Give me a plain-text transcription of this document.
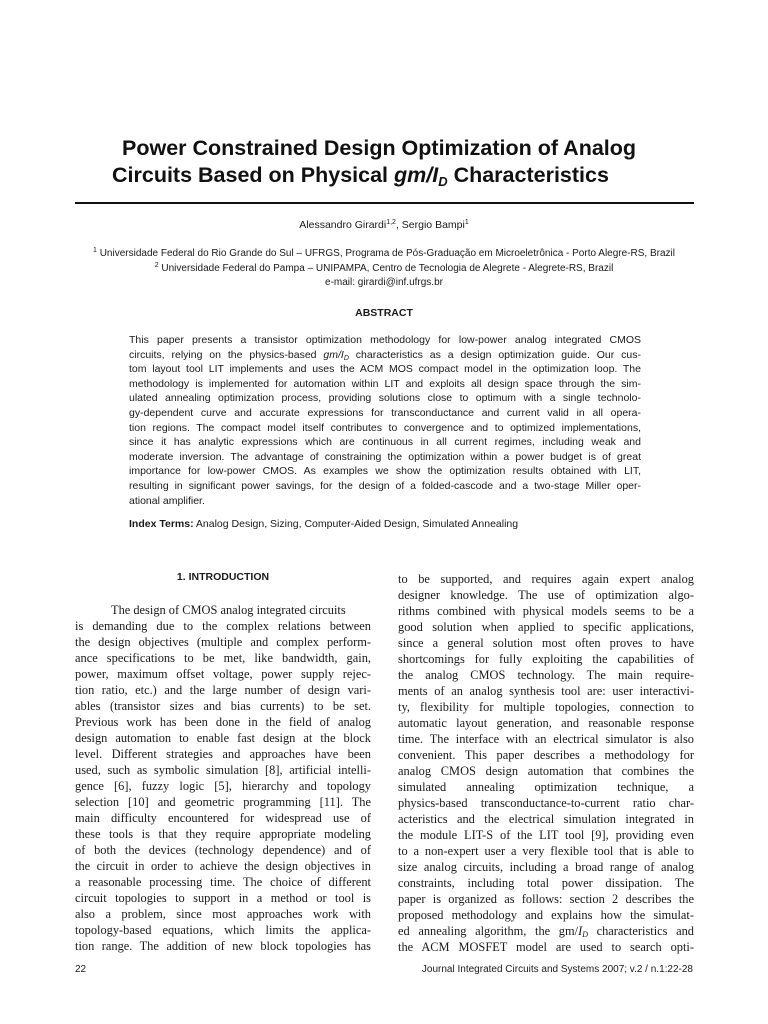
Power Constrained Design Optimization of Analog
Circuits Based on Physical $gm/I_D$ Characteristics
Alessandro Girardi$^{1,2}$, Sergio Bampi$^1$
$^1$ Universidade Federal do Rio Grande do Sul – UFRGS, Programa de Pós-Graduação em Microeletrônica - Porto Alegre-RS, Brazil
$^2$ Universidade Federal do Pampa – UNIPAMPA, Centro de Tecnologia de Alegrete - Alegrete-RS, Brazil
e-mail: girardi@inf.ufrgs.br
ABSTRACT
This paper presents a transistor optimization methodology for low-power analog integrated CMOS
circuits, relying on the physics-based $gm/I_D$ characteristics as a design optimization guide. Our cus-
tom layout tool LIT implements and uses the ACM MOS compact model in the optimization loop. The
methodology is implemented for automation within LIT and exploits all design space through the sim-
ulated annealing optimization process, providing solutions close to optimum with a single technolo-
gy-dependent curve and accurate expressions for transconductance and current valid in all opera-
tion regions. The compact model itself contributes to convergence and to optimized implementations,
since it has analytic expressions which are continuous in all current regimes, including weak and
moderate inversion. The advantage of constraining the optimization within a power budget is of great
importance for low-power CMOS. As examples we show the optimization results obtained with LIT,
resulting in significant power savings, for the design of a folded-cascode and a two-stage Miller oper-
ational amplifier.
Index Terms: Analog Design, Sizing, Computer-Aided Design, Simulated Annealing
1. INTRODUCTION
The design of CMOS analog integrated circuits
is demanding due to the complex relations between
the design objectives (multiple and complex perform-
ance specifications to be met, like bandwidth, gain,
power, maximum offset voltage, power supply rejec-
tion ratio, etc.) and the large number of design vari-
ables (transistor sizes and bias currents) to be set.
Previous work has been done in the field of analog
design automation to enable fast design at the block
level. Different strategies and approaches have been
used, such as symbolic simulation [8], artificial intelli-
gence [6], fuzzy logic [5], hierarchy and topology
selection [10] and geometric programming [11]. The
main difficulty encountered for widespread use of
these tools is that they require appropriate modeling
of both the devices (technology dependence) and of
the circuit in order to achieve the design objectives in
a reasonable processing time. The choice of different
circuit topologies to support in a method or tool is
also a problem, since most approaches work with
topology-based equations, which limits the applica-
tion range. The addition of new block topologies has
to be supported, and requires again expert analog
designer knowledge. The use of optimization algo-
rithms combined with physical models seems to be a
good solution when applied to specific applications,
since a general solution most often proves to have
shortcomings for fully exploiting the capabilities of
the analog CMOS technology. The main require-
ments of an analog synthesis tool are: user interactivi-
ty, flexibility for multiple topologies, connection to
automatic layout generation, and reasonable response
time. The interface with an electrical simulator is also
convenient. This paper describes a methodology for
analog CMOS design automation that combines the
simulated annealing optimization technique, a
physics-based transconductance-to-current ratio char-
acteristics and the electrical simulation integrated in
the module LIT-S of the LIT tool [9], providing even
to a non-expert user a very flexible tool that is able to
size analog circuits, including a broad range of analog
constraints, including total power dissipation. The
paper is organized as follows: section 2 describes the
proposed methodology and explains how the simulat-
ed annealing algorithm, the $gm/I_D$ characteristics and
the ACM MOSFET model are used to search opti-
22	Journal Integrated Circuits and Systems 2007; v.2 / n.1:22-28
